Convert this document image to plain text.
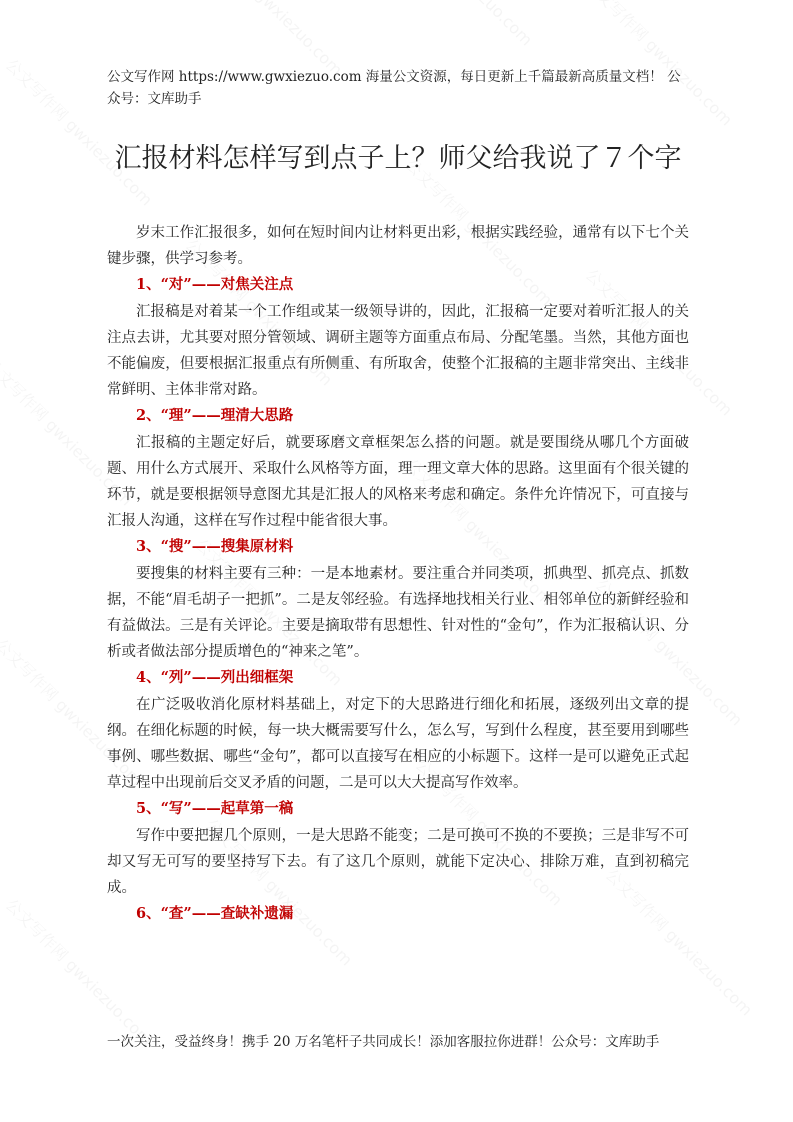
公文写作网 https://www.gwxiezuo.com 海量公文资源，每日更新上千篇最新高质量文档！ 公众号：文库助手
汇报材料怎样写到点子上？师父给我说了７个字

岁末工作汇报很多，如何在短时间内让材料更出彩，根据实践经验，通常有以下七个关键步骤，供学习参考。

1、“对”——对焦关注点

汇报稿是对着某一个工作组或某一级领导讲的，因此，汇报稿一定要对着听汇报人的关注点去讲，尤其要对照分管领域、调研主题等方面重点布局、分配笔墨。当然，其他方面也不能偏废，但要根据汇报重点有所侧重、有所取舍，使整个汇报稿的主题非常突出、主线非常鲜明、主体非常对路。

2、“理”——理清大思路

汇报稿的主题定好后，就要琢磨文章框架怎么搭的问题。就是要围绕从哪几个方面破题、用什么方式展开、采取什么风格等方面，理一理文章大体的思路。这里面有个很关键的环节，就是要根据领导意图尤其是汇报人的风格来考虑和确定。条件允许情况下，可直接与汇报人沟通，这样在写作过程中能省很大事。

3、“搜”——搜集原材料

要搜集的材料主要有三种：一是本地素材。要注重合并同类项，抓典型、抓亮点、抓数据，不能“眉毛胡子一把抓”。二是友邻经验。有选择地找相关行业、相邻单位的新鲜经验和有益做法。三是有关评论。主要是摘取带有思想性、针对性的“金句”，作为汇报稿认识、分析或者做法部分提质增色的“神来之笔”。

4、“列”——列出细框架

在广泛吸收消化原材料基础上，对定下的大思路进行细化和拓展，逐级列出文章的提纲。在细化标题的时候，每一块大概需要写什么，怎么写，写到什么程度，甚至要用到哪些事例、哪些数据、哪些“金句”，都可以直接写在相应的小标题下。这样一是可以避免正式起草过程中出现前后交叉矛盾的问题，二是可以大大提高写作效率。

5、“写”——起草第一稿

写作中要把握几个原则，一是大思路不能变；二是可换可不换的不要换；三是非写不可却又写无可写的要坚持写下去。有了这几个原则，就能下定决心、排除万难，直到初稿完成。

6、“查”——查缺补遗漏
一次关注，受益终身！携手 20 万名笔杆子共同成长！添加客服拉你进群！公众号：文库助手
